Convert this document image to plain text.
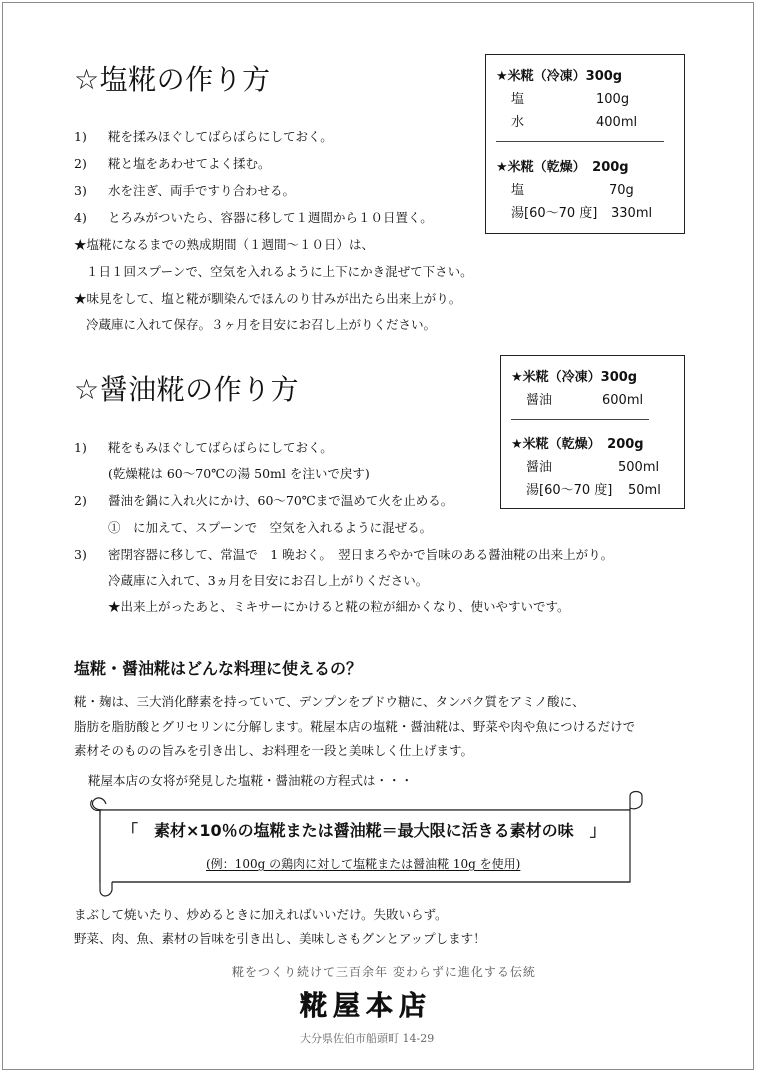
☆塩糀の作り方
1) 糀を揉みほぐしてばらばらにしておく。
2) 糀と塩をあわせてよく揉む。
3) 水を注ぎ、両手ですり合わせる。
4) とろみがついたら、容器に移して１週間から１０日置く。
★塩糀になるまでの熟成期間（１週間～１０日）は、
１日１回スプーンで、空気を入れるように上下にかき混ぜて下さい。
★味見をして、塩と糀が馴染んでほんのり甘みが出たら出来上がり。
冷蔵庫に入れて保存。３ヶ月を目安にお召し上がりください。
★米糀（冷凍）300g
塩	100g
水	400ml
★米糀（乾燥）　200g
塩	70g
湯[60～70 度] 330ml
☆醤油糀の作り方
1) 糀をもみほぐしてばらばらにしておく。
(乾燥糀は 60～70℃の湯 50ml を注いで戻す)
2) 醤油を鍋に入れ火にかけ、60～70℃まで温めて火を止める。
①　に加えて、スプーンで　空気を入れるように混ぜる。
3) 密閉容器に移して、常温で　1 晩おく。　翌日まろやかで旨味のある醤油糀の出来上がり。
冷蔵庫に入れて、3ヵ月を目安にお召し上がりください。
★出来上がったあと、ミキサーにかけると糀の粒が細かくなり、使いやすいです。
★米糀（冷凍）300g
醤油	600ml
★米糀（乾燥）　200g
醤油	500ml
湯[60～70 度] 50ml
塩糀・醤油糀はどんな料理に使えるの？
糀・麹は、三大消化酵素を持っていて、デンプンをブドウ糖に、タンパク質をアミノ酸に、
脂肪を脂肪酸とグリセリンに分解します。糀屋本店の塩糀・醤油糀は、野菜や肉や魚につけるだけで
素材そのものの旨みを引き出し、お料理を一段と美味しく仕上げます。
糀屋本店の女将が発見した塩糀・醤油糀の方程式は・・・
「　素材×10％の塩糀または醤油糀＝最大限に活きる素材の味　」
(例：100g の鶏肉に対して塩糀または醤油糀 10g を使用)
まぶして焼いたり、炒めるときに加えればいいだけ。失敗いらず。
野菜、肉、魚、素材の旨味を引き出し、美味しさもグンとアップします！
糀をつくり続けて三百余年 変わらずに進化する伝統
糀屋本店
大分県佐伯市船頭町 14-29
